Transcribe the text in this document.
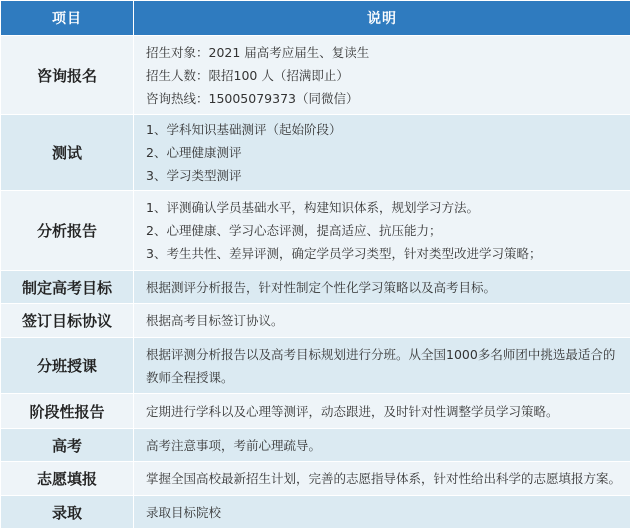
项目	说明
咨询报名	招生对象：2021 届高考应届生、复读生
招生人数：限招100 人（招满即止）
咨询热线：15005079373（同微信）

测试	1、学科知识基础测评（起始阶段）
2、心理健康测评
3、学习类型测评

分析报告	1、评测确认学员基础水平，构建知识体系，规划学习方法。
2、心理健康、学习心态评测，提高适应、抗压能力；
3、考生共性、差异评测，确定学员学习类型，针对类型改进学习策略；

制定高考目标	根据测评分析报告，针对性制定个性化学习策略以及高考目标。

签订目标协议	根据高考目标签订协议。

分班授课	根据评测分析报告以及高考目标规划进行分班。从全国1000多名师团中挑选最适合的教师全程授课。

阶段性报告	定期进行学科以及心理等测评，动态跟进，及时针对性调整学员学习策略。

高考	高考注意事项，考前心理疏导。

志愿填报	掌握全国高校最新招生计划，完善的志愿指导体系，针对性给出科学的志愿填报方案。

录取	录取目标院校
